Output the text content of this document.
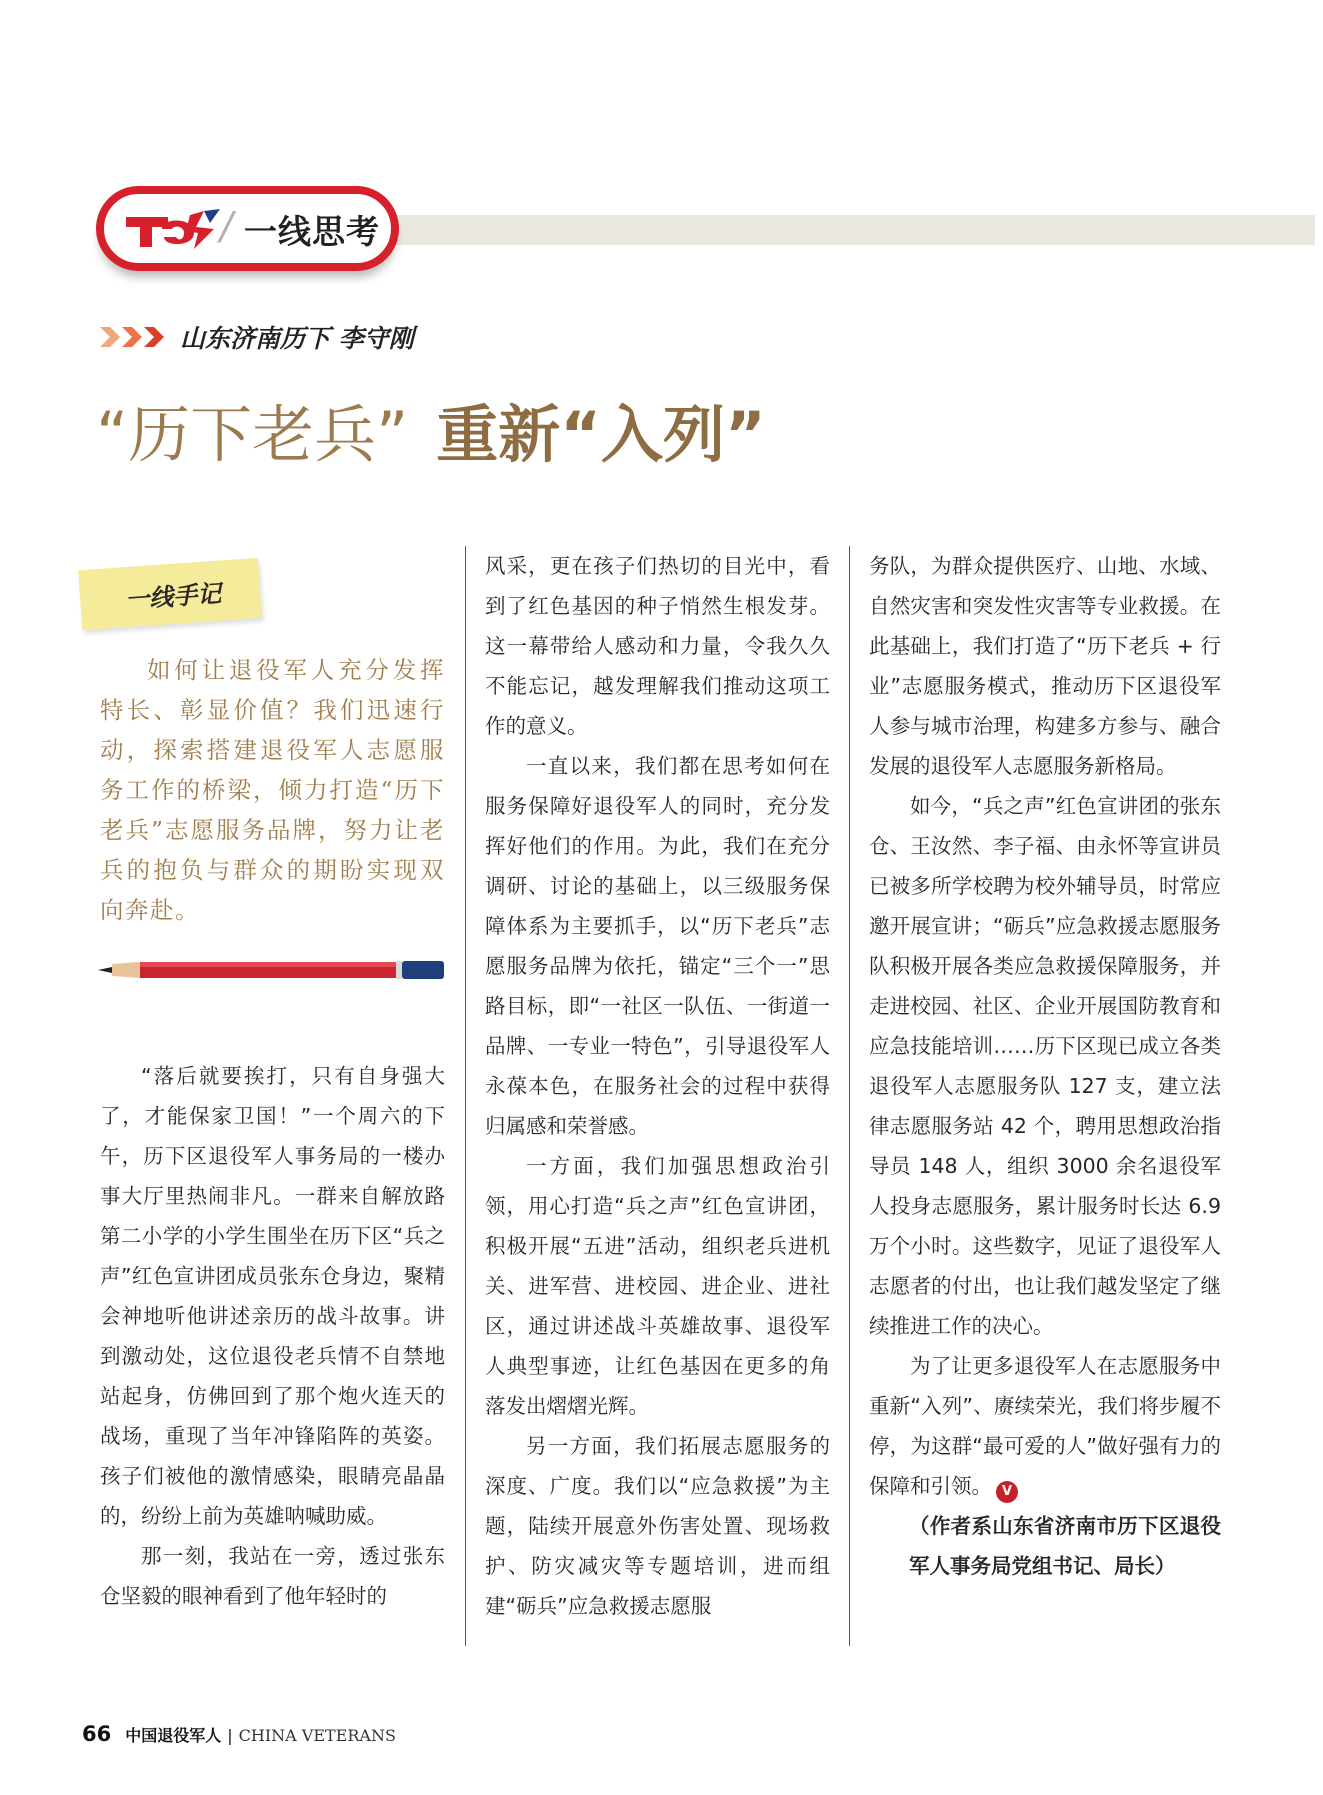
/ 一线思考
山东济南历下 李守刚
“历下老兵” 重新“入列”
一线手记

如何让退役军人充分发挥特长、彰显价值？我们迅速行动，探索搭建退役军人志愿服务工作的桥梁，倾力打造“历下老兵”志愿服务品牌，努力让老兵的抱负与群众的期盼实现双向奔赴。

“落后就要挨打，只有自身强大了，才能保家卫国！”一个周六的下午，历下区退役军人事务局的一楼办事大厅里热闹非凡。一群来自解放路第二小学的小学生围坐在历下区“兵之声”红色宣讲团成员张东仓身边，聚精会神地听他讲述亲历的战斗故事。讲到激动处，这位退役老兵情不自禁地站起身，仿佛回到了那个炮火连天的战场，重现了当年冲锋陷阵的英姿。孩子们被他的激情感染，眼睛亮晶晶的，纷纷上前为英雄呐喊助威。

那一刻，我站在一旁，透过张东仓坚毅的眼神看到了他年轻时的

风采，更在孩子们热切的目光中，看到了红色基因的种子悄然生根发芽。这一幕带给人感动和力量，令我久久不能忘记，越发理解我们推动这项工作的意义。

一直以来，我们都在思考如何在服务保障好退役军人的同时，充分发挥好他们的作用。为此，我们在充分调研、讨论的基础上，以三级服务保障体系为主要抓手，以“历下老兵”志愿服务品牌为依托，锚定“三个一”思路目标，即“一社区一队伍、一街道一品牌、一专业一特色”，引导退役军人永葆本色，在服务社会的过程中获得归属感和荣誉感。

一方面，我们加强思想政治引领，用心打造“兵之声”红色宣讲团，积极开展“五进”活动，组织老兵进机关、进军营、进校园、进企业、进社区，通过讲述战斗英雄故事、退役军人典型事迹，让红色基因在更多的角落发出熠熠光辉。

另一方面，我们拓展志愿服务的深度、广度。我们以“应急救援”为主题，陆续开展意外伤害处置、现场救护、防灾减灾等专题培训，进而组建“砺兵”应急救援志愿服

务队，为群众提供医疗、山地、水域、自然灾害和突发性灾害等专业救援。在此基础上，我们打造了“历下老兵 + 行业”志愿服务模式，推动历下区退役军人参与城市治理，构建多方参与、融合发展的退役军人志愿服务新格局。

如今，“兵之声”红色宣讲团的张东仓、王汝然、李子福、由永怀等宣讲员已被多所学校聘为校外辅导员，时常应邀开展宣讲；“砺兵”应急救援志愿服务队积极开展各类应急救援保障服务，并走进校园、社区、企业开展国防教育和应急技能培训……历下区现已成立各类退役军人志愿服务队 127 支，建立法律志愿服务站 42 个，聘用思想政治指导员 148 人，组织 3000 余名退役军人投身志愿服务，累计服务时长达 6.9 万个小时。这些数字，见证了退役军人志愿者的付出，也让我们越发坚定了继续推进工作的决心。

为了让更多退役军人在志愿服务中重新“入列”、赓续荣光，我们将步履不停，为这群“最可爱的人”做好强有力的保障和引领。 V

（作者系山东省济南市历下区退役军人事务局党组书记、局长）

66 中国退役军人 | CHINA VETERANS
